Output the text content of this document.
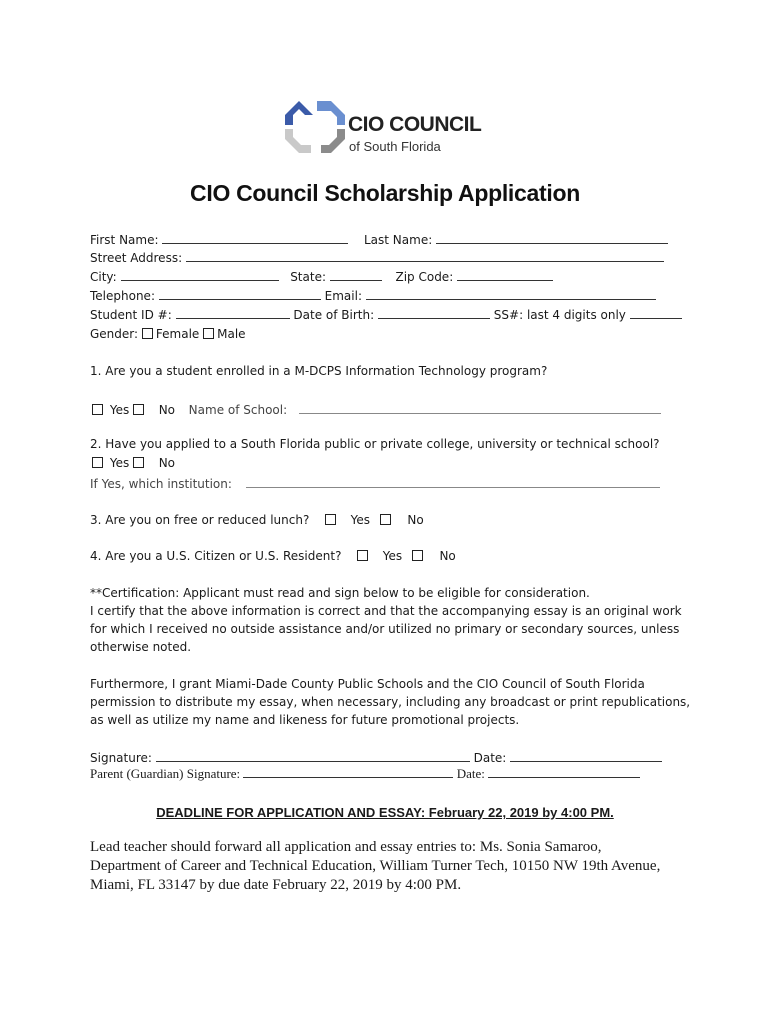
CIO COUNCIL
of South Florida
CIO Council Scholarship Application
First Name:	Last Name:
Street Address:
City:	State:	Zip Code:
Telephone:	Email:
Student ID #:	Date of Birth:	SS#: last 4 digits only
Gender: Female Male
1. Are you a student enrolled in a M-DCPS Information Technology program?
Yes No Name of School:
2. Have you applied to a South Florida public or private college, university or technical school?
Yes No
If Yes, which institution:
3. Are you on free or reduced lunch?	Yes	No
4. Are you a U.S. Citizen or U.S. Resident?	Yes	No
**Certification: Applicant must read and sign below to be eligible for consideration.
I certify that the above information is correct and that the accompanying essay is an original work
for which I received no outside assistance and/or utilized no primary or secondary sources, unless
otherwise noted.
Furthermore, I grant Miami-Dade County Public Schools and the CIO Council of South Florida
permission to distribute my essay, when necessary, including any broadcast or print republications,
as well as utilize my name and likeness for future promotional projects.
Signature:	Date:
Parent (Guardian) Signature:	Date:
DEADLINE FOR APPLICATION AND ESSAY: February 22, 2019 by 4:00 PM.
Lead teacher should forward all application and essay entries to: Ms. Sonia Samaroo,
Department of Career and Technical Education, William Turner Tech, 10150 NW 19th Avenue,
Miami, FL 33147 by due date February 22, 2019 by 4:00 PM.
